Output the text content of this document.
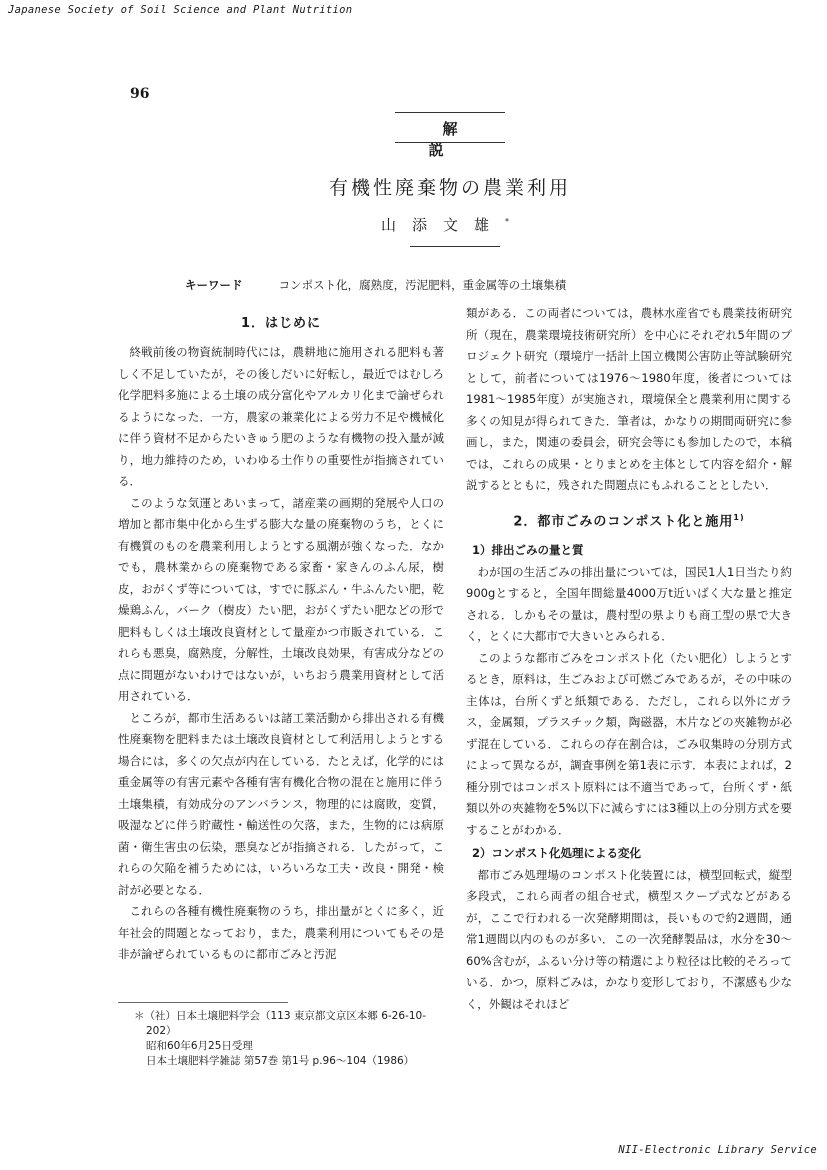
Japanese Society of Soil Science and Plant Nutrition
96
解説
有機性廃棄物の農業利用
山添文雄*
キーワード	コンポスト化，腐熟度，汚泥肥料，重金属等の土壌集積
1．はじめに

終戦前後の物資統制時代には，農耕地に施用される肥料も著しく不足していたが，その後しだいに好転し，最近ではむしろ化学肥料多施による土壌の成分富化やアルカリ化まで論ぜられるようになった．一方，農家の兼業化による労力不足や機械化に伴う資材不足からたいきゅう肥のような有機物の投入量が減り，地力維持のため，いわゆる土作りの重要性が指摘されている．

このような気運とあいまって，諸産業の画期的発展や人口の増加と都市集中化から生ずる膨大な量の廃棄物のうち，とくに有機質のものを農業利用しようとする風潮が強くなった．なかでも，農林業からの廃棄物である家畜・家きんのふん尿，樹皮，おがくず等については，すでに豚ぷん・牛ふんたい肥，乾燥鶏ふん，バーク（樹皮）たい肥，おがくずたい肥などの形で肥料もしくは土壌改良資材として量産かつ市販されている．これらも悪臭，腐熟度，分解性，土壌改良効果，有害成分などの点に問題がないわけではないが，いちおう農業用資材として活用されている．

ところが，都市生活あるいは諸工業活動から排出される有機性廃棄物を肥料または土壌改良資材として利活用しようとする場合には，多くの欠点が内在している．たとえば，化学的には重金属等の有害元素や各種有害有機化合物の混在と施用に伴う土壌集積，有効成分のアンバランス，物理的には腐敗，変質，吸湿などに伴う貯蔵性・輸送性の欠落，また，生物的には病原菌・衛生害虫の伝染，悪臭などが指摘される．したがって，これらの欠陥を補うためには，いろいろな工夫・改良・開発・検討が必要となる．

これらの各種有機性廃棄物のうち，排出量がとくに多く，近年社会的問題となっており，また，農業利用についてもその是非が論ぜられているものに都市ごみと汚泥

類がある．この両者については，農林水産省でも農業技術研究所（現在，農業環境技術研究所）を中心にそれぞれ5年間のプロジェクト研究（環境庁一括計上国立機関公害防止等試験研究として，前者については1976～1980年度，後者については1981～1985年度）が実施され，環境保全と農業利用に関する多くの知見が得られてきた．筆者は，かなりの期間両研究に参画し，また，関連の委員会，研究会等にも参加したので，本稿では，これらの成果・とりまとめを主体として内容を紹介・解説するとともに，残された問題点にもふれることとしたい．

2．都市ごみのコンポスト化と施用$^{1)}$
1）排出ごみの量と質

わが国の生活ごみの排出量については，国民1人1日当たり約900gとすると，全国年間総量4000万t近いばく大な量と推定される．しかもその量は，農村型の県よりも商工型の県で大きく，とくに大都市で大きいとみられる．

このような都市ごみをコンポスト化（たい肥化）しようとするとき，原料は，生ごみおよび可燃ごみであるが，その中味の主体は，台所くずと紙類である．ただし，これら以外にガラス，金属類，プラスチック類，陶磁器，木片などの夾雑物が必ず混在している．これらの存在割合は，ごみ収集時の分別方式によって異なるが，調査事例を第1表に示す．本表によれば，2種分別ではコンポスト原料には不適当であって，台所くず・紙類以外の夾雑物を5%以下に減らすには3種以上の分別方式を要することがわかる．

2）コンポスト化処理による変化

都市ごみ処理場のコンポスト化装置には，横型回転式，縦型多段式，これら両者の組合せ式，横型スクープ式などがあるが，ここで行われる一次発酵期間は，長いもので約2週間，通常1週間以内のものが多い．この一次発酵製品は，水分を30～60%含むが，ふるい分け等の精選により粒径は比較的そろっている．かつ，原料ごみは，かなり変形しており，不潔感も少なく，外観はそれほど

＊（社）日本土壌肥料学会（113 東京都文京区本郷 6-26-10-
202）
昭和60年6月25日受理
日本土壌肥料学雑誌 第57巻 第1号 p.96～104（1986）
NII-Electronic Library Service
